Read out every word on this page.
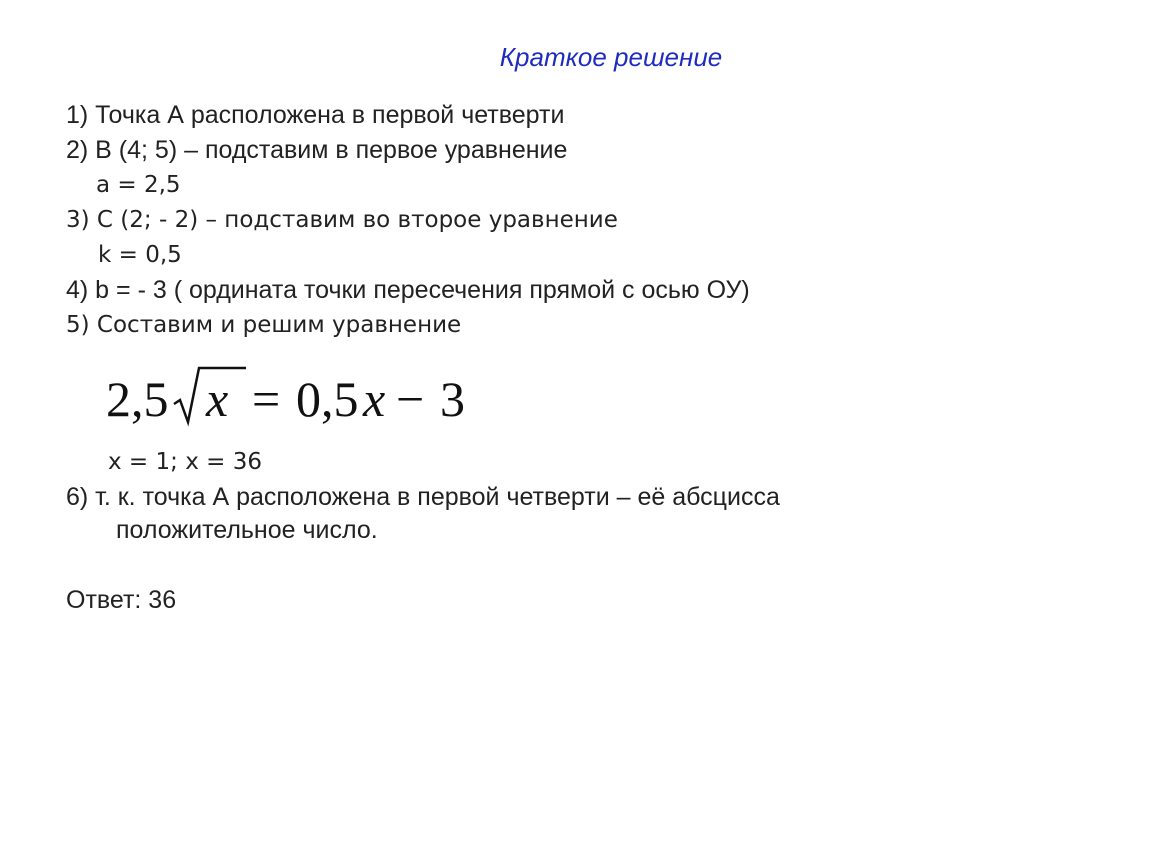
Краткое решение
1) Точка А расположена в первой четверти
2) В (4; 5) – подставим в первое уравнение
а = 2,5
3) С (2; - 2) – подставим во второе уравнение
k = 0,5
4) b = - 3 ( ордината точки пересечения прямой с осью ОУ)
5) Составим и решим уравнение
2,5 x = 0,5 x − 3
x = 1; x = 36
6) т. к. точка А расположена в первой четверти – её абсцисса
положительное число.
Ответ: 36
